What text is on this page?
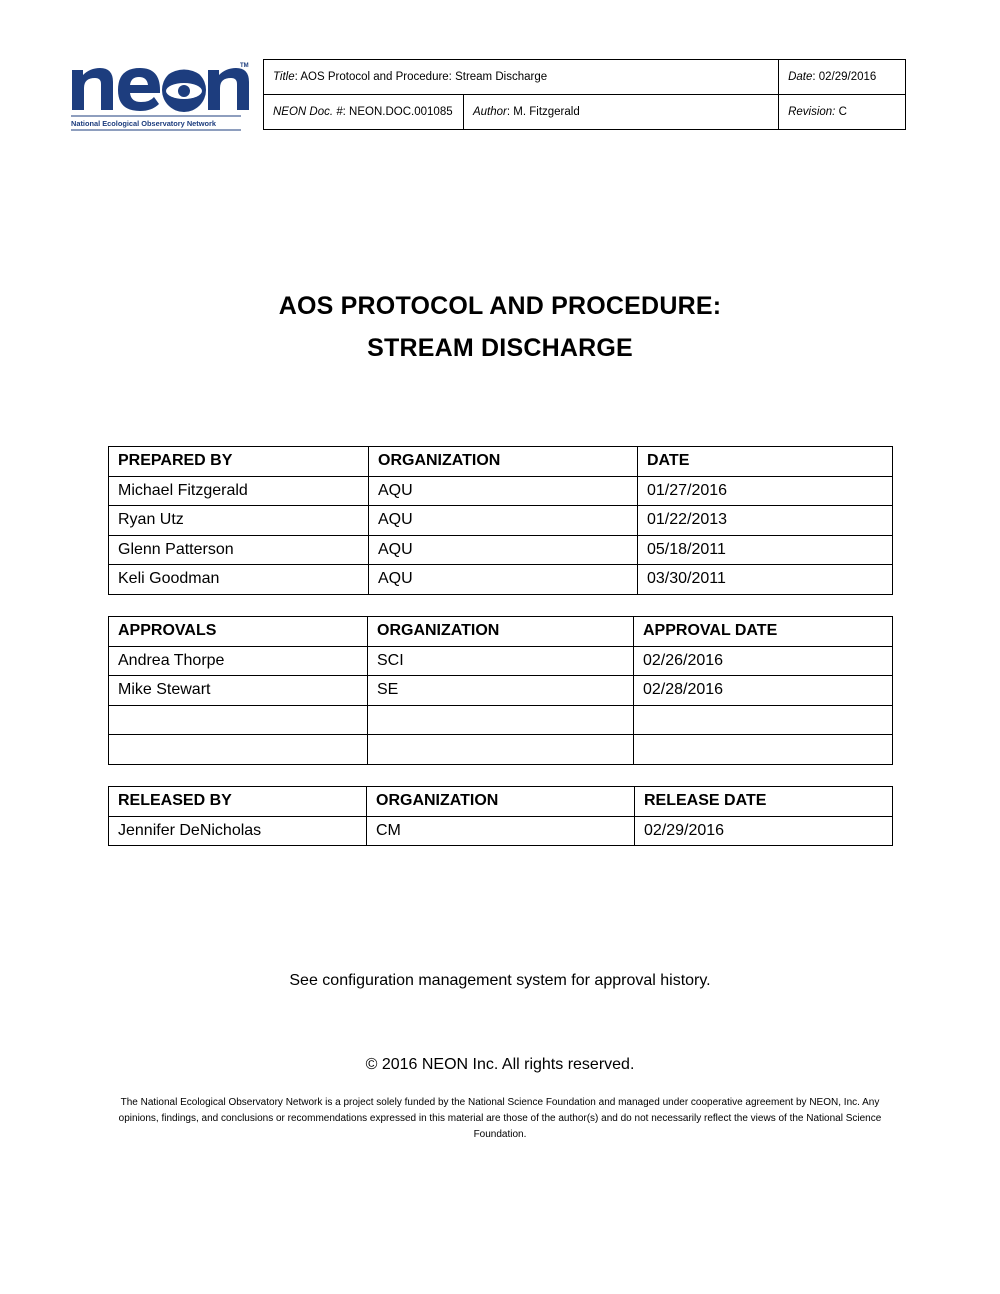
TM
National Ecological Observatory Network
Title: AOS Protocol and Procedure: Stream Discharge		Date: 02/29/2016
NEON Doc. #: NEON.DOC.001085	Author: M. Fitzgerald	Revision: C
AOS PROTOCOL AND PROCEDURE:
STREAM DISCHARGE
PREPARED BY	ORGANIZATION	DATE
Michael Fitzgerald	AQU	01/27/2016
Ryan Utz	AQU	01/22/2013
Glenn Patterson	AQU	05/18/2011
Keli Goodman	AQU	03/30/2011
APPROVALS	ORGANIZATION	APPROVAL DATE
Andrea Thorpe	SCI	02/26/2016
Mike Stewart	SE	02/28/2016

RELEASED BY	ORGANIZATION	RELEASE DATE
Jennifer DeNicholas	CM	02/29/2016
See configuration management system for approval history.
© 2016 NEON Inc. All rights reserved.
The National Ecological Observatory Network is a project solely funded by the National Science Foundation and managed under cooperative agreement by NEON, Inc. Any opinions, findings, and conclusions or recommendations expressed in this material are those of the author(s) and do not necessarily reflect the views of the National Science Foundation.
